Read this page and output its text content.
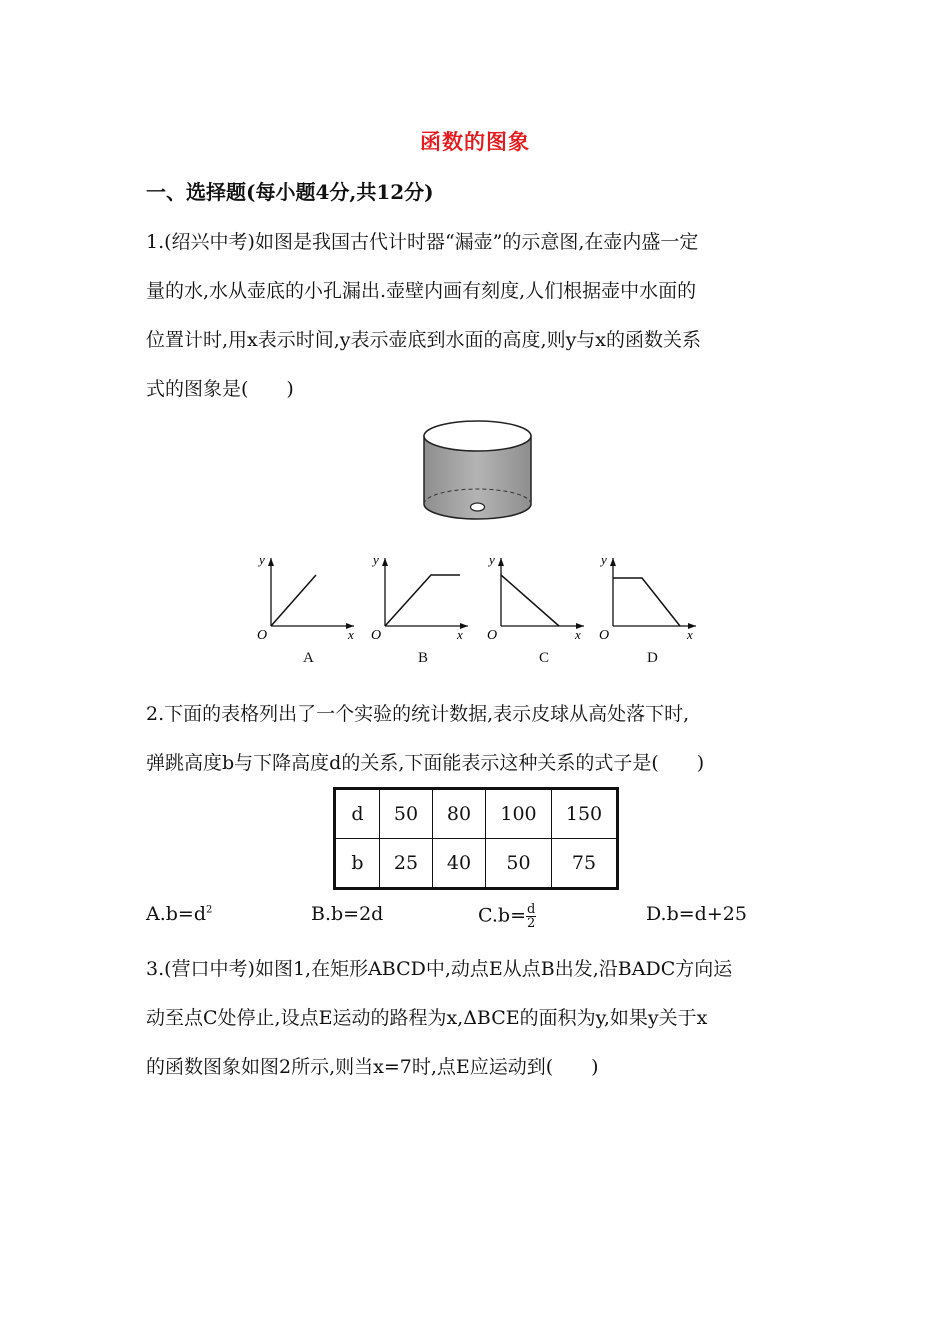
函数的图象
一、选择题(每小题4分,共12分)
1.(绍兴中考)如图是我国古代计时器“漏壶”的示意图,在壶内盛一定
量的水,水从壶底的小孔漏出.壶壁内画有刻度,人们根据壶中水面的
位置计时,用x表示时间,y表示壶底到水面的高度,则y与x的函数关系
式的图象是(　　)
y
x
O
A
y
x
O
B
y
x
O
C
y
x
O
D
2.下面的表格列出了一个实验的统计数据,表示皮球从高处落下时,
弹跳高度b与下降高度d的关系,下面能表示这种关系的式子是(　　)
d	50	80	100	150
b	25	40	50	75
$A.b=d^2$	B.b=2d	$C.b= \frac{d}{2}$	D.b=d+25
3.(营口中考)如图1,在矩形ABCD中,动点E从点B出发,沿BADC方向运
动至点C处停止,设点E运动的路程为x,ΔBCE的面积为y,如果y关于x
的函数图象如图2所示,则当x=7时,点E应运动到(　　)
